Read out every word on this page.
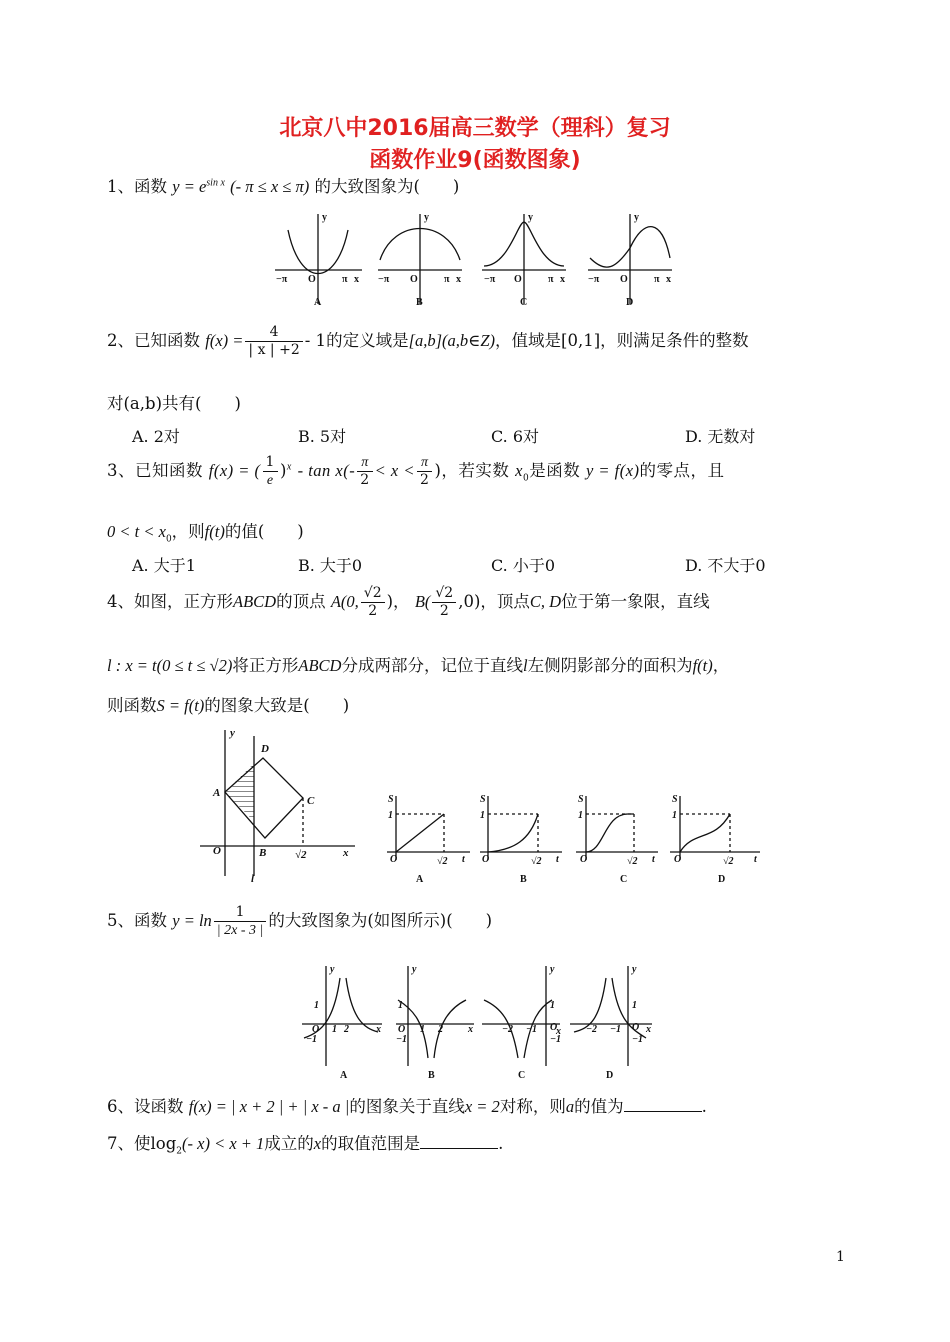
北京八中2016届高三数学（理科）复习
函数作业9(函数图象)
1、函数 $y = e^{sin x}$ (- π ≤ x ≤ π) 的大致图象为(　　)
y
−π O	π x
y
−π O	π x
y
−π O	π x
y
−π O	π x
A	B	C	D
2、已知函数 $f(x) = \frac{4}{| x | +2} - 1$的定义域是[a,b](a,b∈Z)，值域是[0,1]，则满足条件的整数
对(a,b)共有(　　)
A. 2对	B. 5对	C. 6对	D. 无数对
3、已知函数 f(x) = ( $\frac{1}{e} )^x - \tan x(- \frac{\pi}{2} < x < \frac{\pi}{2}$ )，若实数 $x_0$是函数 y = f(x)的零点，且
$0 < t < x_0$，则f(t)的值(　　)
A. 大于1	B. 大于0	C. 小于0	D. 不大于0
4、如图，正方形ABCD的顶点 A(0, $\frac{√2}{2}$ )， $B( \frac{√2}{2} ,0)$，顶点C, D位于第一象限，直线
l : x = t(0 ≤ t ≤ √2)将正方形ABCD分成两部分，记位于直线l左侧阴影部分的面积为f(t)，
则函数S = f(t)的图象大致是(　　)
y
D
A
C
O	B	√2	x
l
S
1
O	√2 t
S
1
O	√2 t
S
1
O	√2 t
S
1
O	√2 t
A	B	C	D
5、函数 $y = \ln \frac{1}{| 2x - 3 |}$ 的大致图象为(如图所示)(　　)
y
1
O 1 2
−1
x
y
1
O 1 2
−1
x
y
1
−2 −1 O
−1
x
y
1
−2 −1 O
−1
x
A	B	C	D
6、设函数 f(x) = | x + 2 | + | x - a |的图象关于直线x = 2对称，则a的值为	.
7、使$\log_2(-$ x) < x + 1成立的x的取值范围是	.
1
